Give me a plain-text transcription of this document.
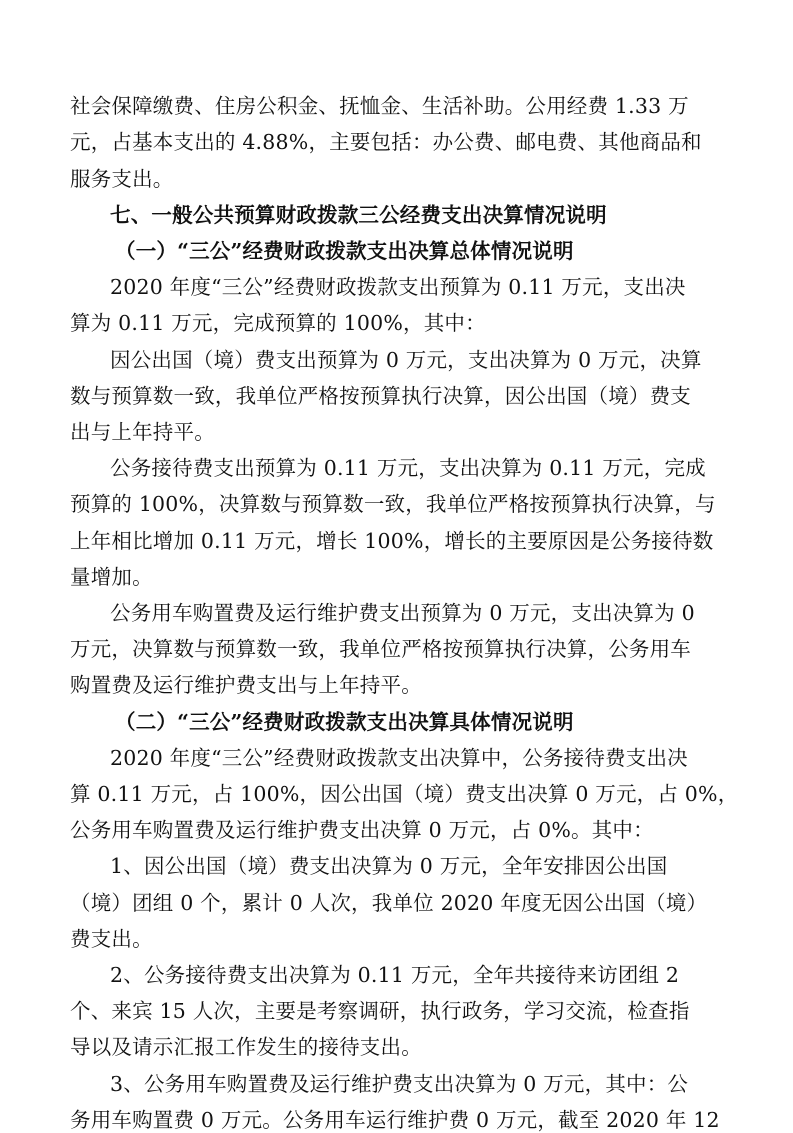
社会保障缴费、住房公积金、抚恤金、生活补助。公用经费 1.33 万
元，占基本支出的 4.88%，主要包括：办公费、邮电费、其他商品和
服务支出。
七、一般公共预算财政拨款三公经费支出决算情况说明
（一）“三公”经费财政拨款支出决算总体情况说明
2020 年度“三公”经费财政拨款支出预算为 0.11 万元，支出决
算为 0.11 万元，完成预算的 100%，其中：
因公出国（境）费支出预算为 0 万元，支出决算为 0 万元，决算
数与预算数一致，我单位严格按预算执行决算，因公出国（境）费支
出与上年持平。
公务接待费支出预算为 0.11 万元，支出决算为 0.11 万元，完成
预算的 100%，决算数与预算数一致，我单位严格按预算执行决算，与
上年相比增加 0.11 万元，增长 100%，增长的主要原因是公务接待数
量增加。
公务用车购置费及运行维护费支出预算为 0 万元，支出决算为 0
万元，决算数与预算数一致，我单位严格按预算执行决算，公务用车
购置费及运行维护费支出与上年持平。
（二）“三公”经费财政拨款支出决算具体情况说明
2020 年度“三公”经费财政拨款支出决算中，公务接待费支出决
算 0.11 万元，占 100%，因公出国（境）费支出决算 0 万元，占 0%，
公务用车购置费及运行维护费支出决算 0 万元，占 0%。其中：
1、因公出国（境）费支出决算为 0 万元，全年安排因公出国
（境）团组 0 个，累计 0 人次，我单位 2020 年度无因公出国（境）
费支出。
2、公务接待费支出决算为 0.11 万元，全年共接待来访团组 2
个、来宾 15 人次，主要是考察调研，执行政务，学习交流，检查指
导以及请示汇报工作发生的接待支出。
3、公务用车购置费及运行维护费支出决算为 0 万元，其中：公
务用车购置费 0 万元。公务用车运行维护费 0 万元，截至 2020 年 12
